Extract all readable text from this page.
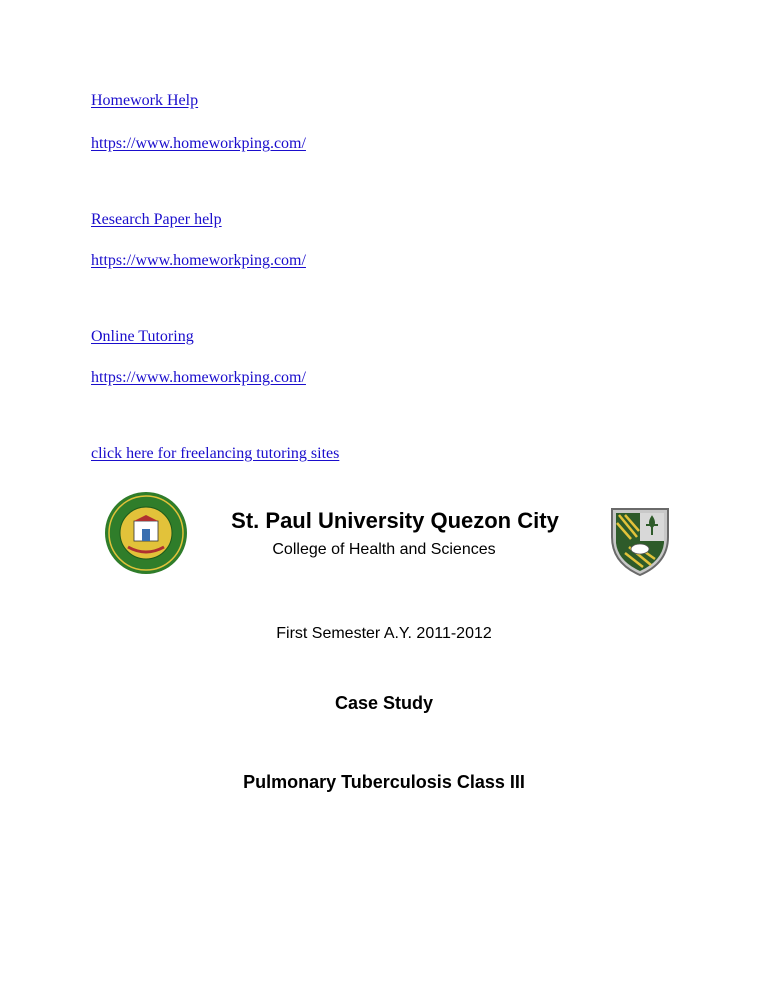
Homework Help
https://www.homeworkping.com/
Research Paper help
https://www.homeworkping.com/
Online Tutoring
https://www.homeworkping.com/
click here for freelancing tutoring sites
St. Paul University Quezon City
College of Health and Sciences
First Semester A.Y. 2011-2012
Case Study
Pulmonary Tuberculosis Class III
